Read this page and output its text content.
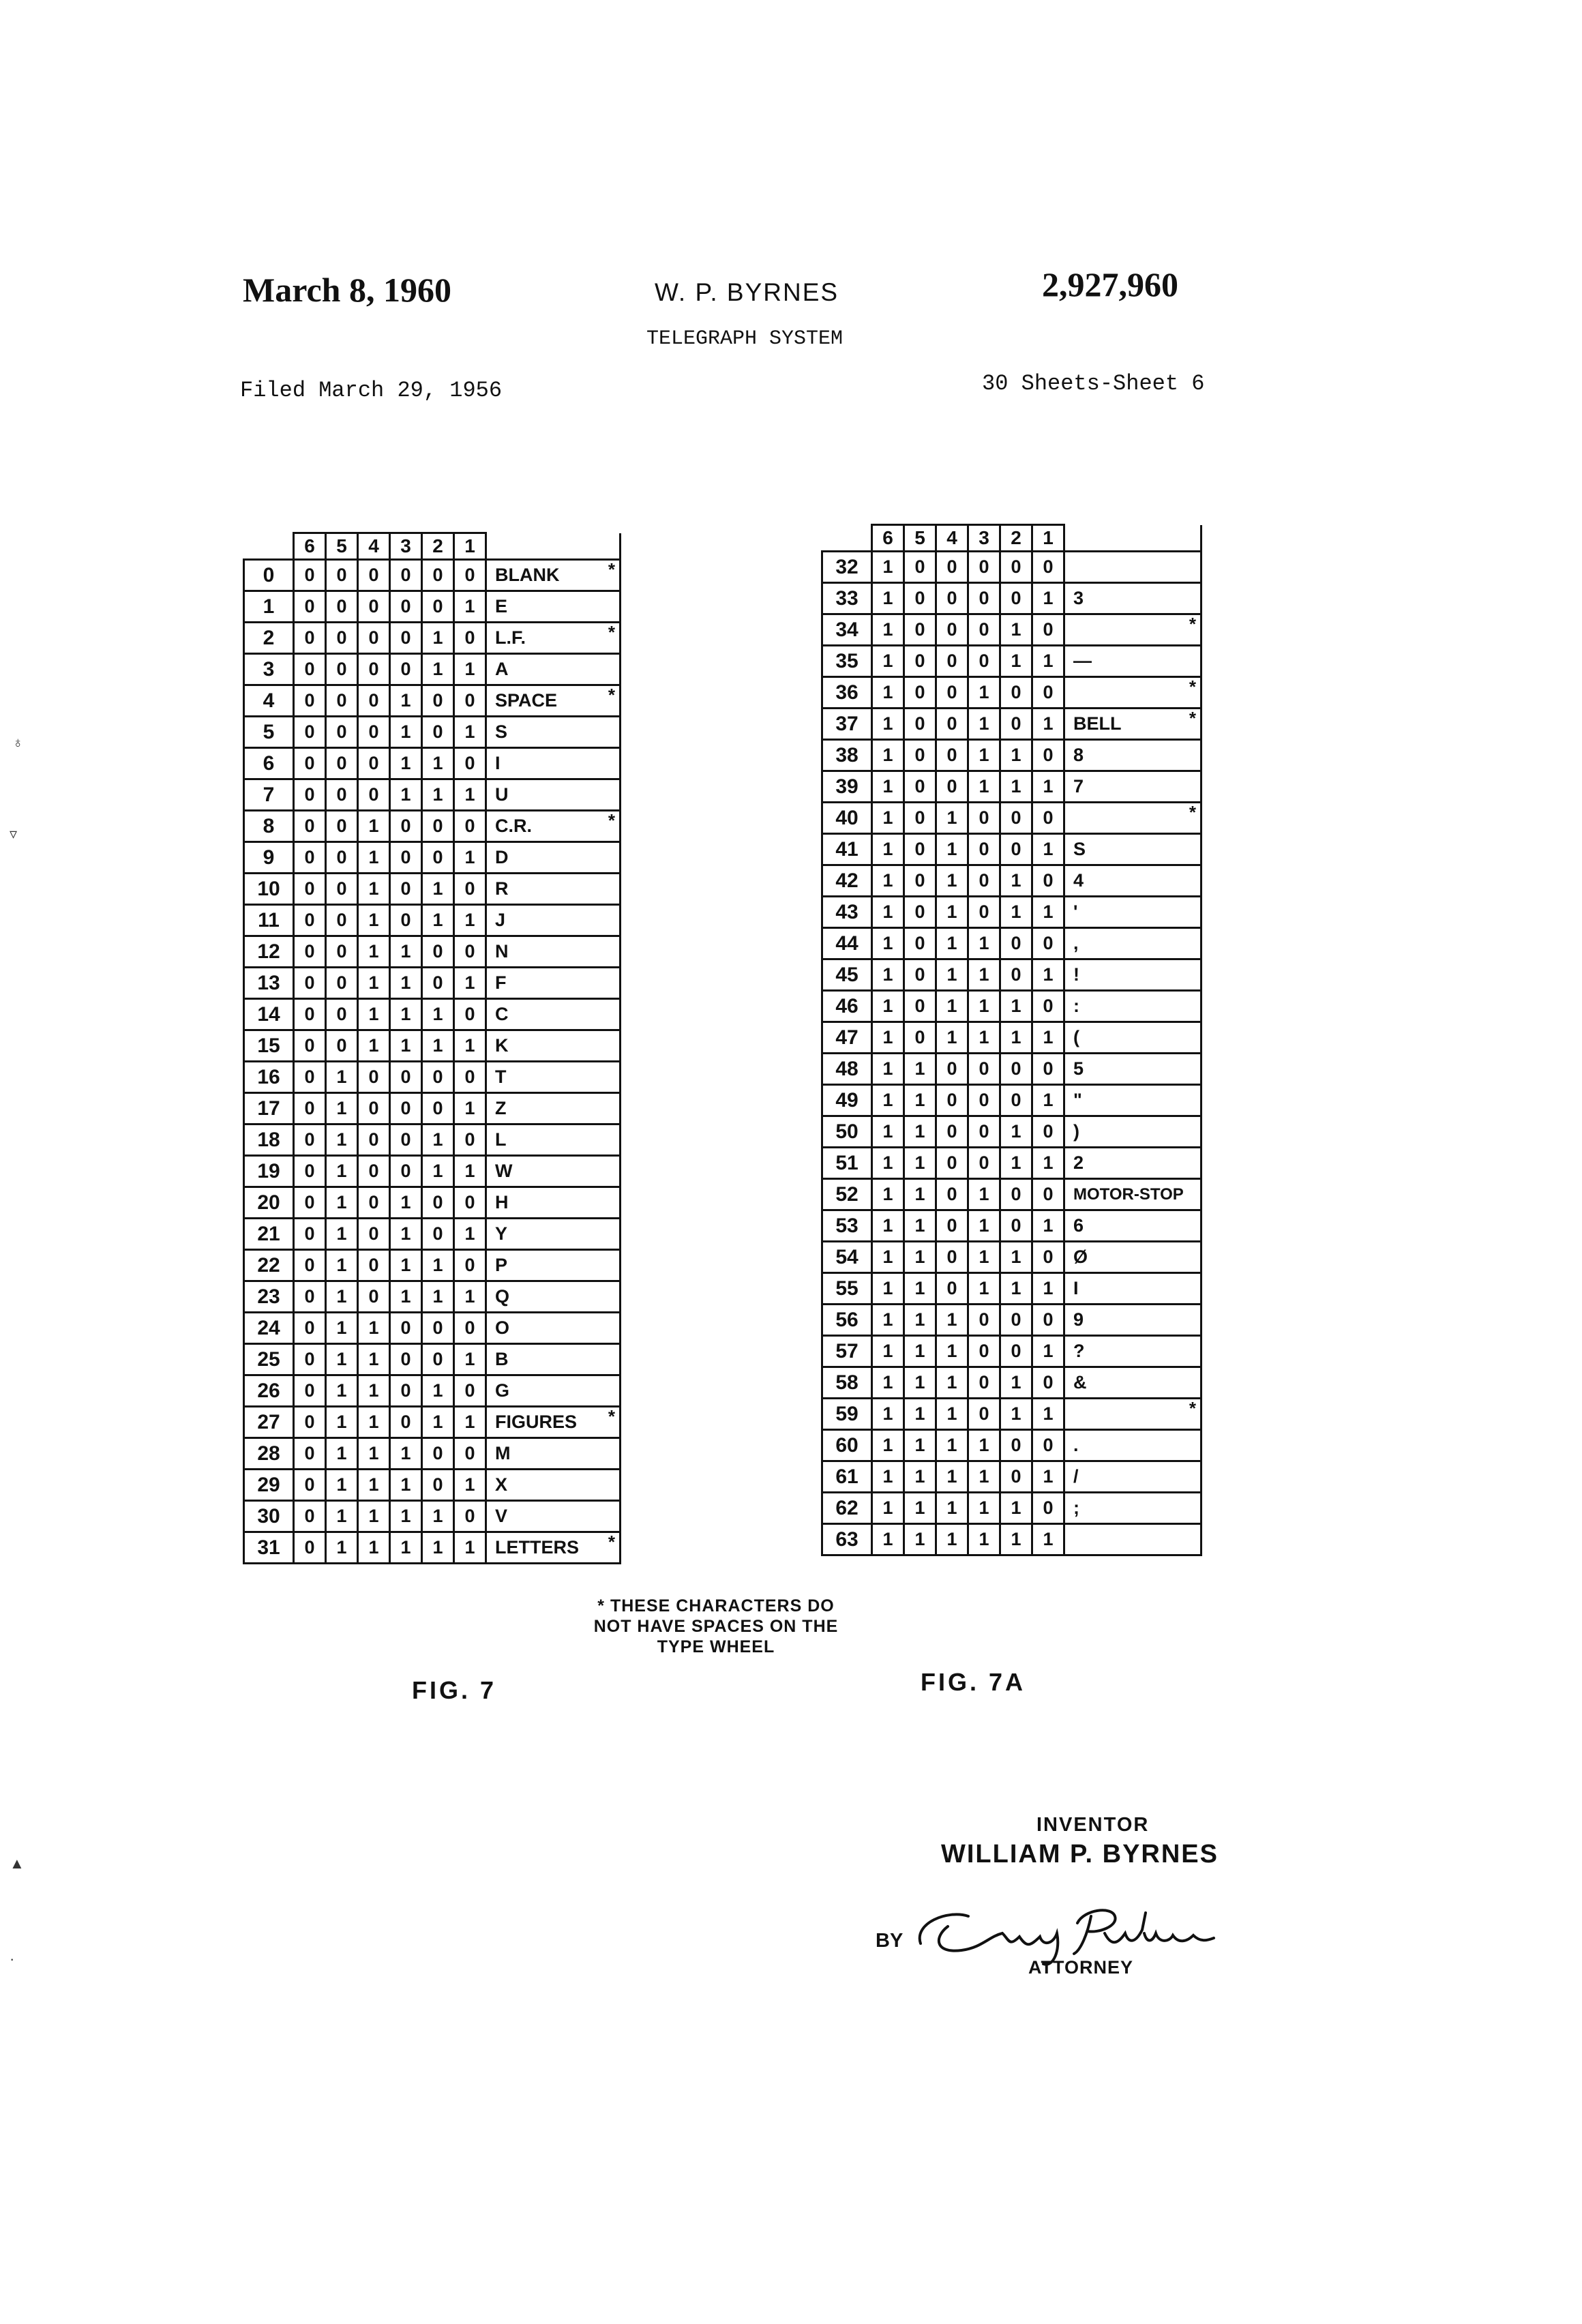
March 8, 1960	W. P. BYRNES	2,927,960
TELEGRAPH SYSTEM
Filed March 29, 1956	30 Sheets-Sheet 6
	6	5	4	3	2	1	
0	0	0	0	0	0	0	BLANK *

1	0	0	0	0	0	1	E

2	0	0	0	0	1	0	L.F. *

3	0	0	0	0	1	1	A

4	0	0	0	1	0	0	SPACE *

5	0	0	0	1	0	1	S

6	0	0	0	1	1	0	I

7	0	0	0	1	1	1	U

8	0	0	1	0	0	0	C.R. *

9	0	0	1	0	0	1	D

10	0	0	1	0	1	0	R

11	0	0	1	0	1	1	J

12	0	0	1	1	0	0	N

13	0	0	1	1	0	1	F

14	0	0	1	1	1	0	C

15	0	0	1	1	1	1	K

16	0	1	0	0	0	0	T

17	0	1	0	0	0	1	Z

18	0	1	0	0	1	0	L

19	0	1	0	0	1	1	W

20	0	1	0	1	0	0	H

21	0	1	0	1	0	1	Y

22	0	1	0	1	1	0	P

23	0	1	0	1	1	1	Q

24	0	1	1	0	0	0	O

25	0	1	1	0	0	1	B

26	0	1	1	0	1	0	G

27	0	1	1	0	1	1	FIGURES *

28	0	1	1	1	0	0	M

29	0	1	1	1	0	1	X

30	0	1	1	1	1	0	V

31	0	1	1	1	1	1	LETTERS *
	6	5	4	3	2	1	
32	1	0	0	0	0	0	

33	1	0	0	0	0	1	3

34	1	0	0	0	1	0	*

35	1	0	0	0	1	1	—

36	1	0	0	1	0	0	*

37	1	0	0	1	0	1	BELL *

38	1	0	0	1	1	0	8

39	1	0	0	1	1	1	7

40	1	0	1	0	0	0	*

41	1	0	1	0	0	1	S

42	1	0	1	0	1	0	4

43	1	0	1	0	1	1	'

44	1	0	1	1	0	0	,

45	1	0	1	1	0	1	!

46	1	0	1	1	1	0	:

47	1	0	1	1	1	1	(

48	1	1	0	0	0	0	5

49	1	1	0	0	0	1	"

50	1	1	0	0	1	0	)

51	1	1	0	0	1	1	2

52	1	1	0	1	0	0	MOTOR-STOP

53	1	1	0	1	0	1	6

54	1	1	0	1	1	0	Ø

55	1	1	0	1	1	1	I

56	1	1	1	0	0	0	9

57	1	1	1	0	0	1	?

58	1	1	1	0	1	0	&

59	1	1	1	0	1	1	*

60	1	1	1	1	0	0	.

61	1	1	1	1	0	1	/

62	1	1	1	1	1	0	;

63	1	1	1	1	1	1	
* THESE CHARACTERS DO
NOT HAVE SPACES ON THE
TYPE WHEEL
FIG. 7	FIG. 7A
INVENTOR
WILLIAM P. BYRNES
BY
ATTORNEY
♁
▿
▲
·
